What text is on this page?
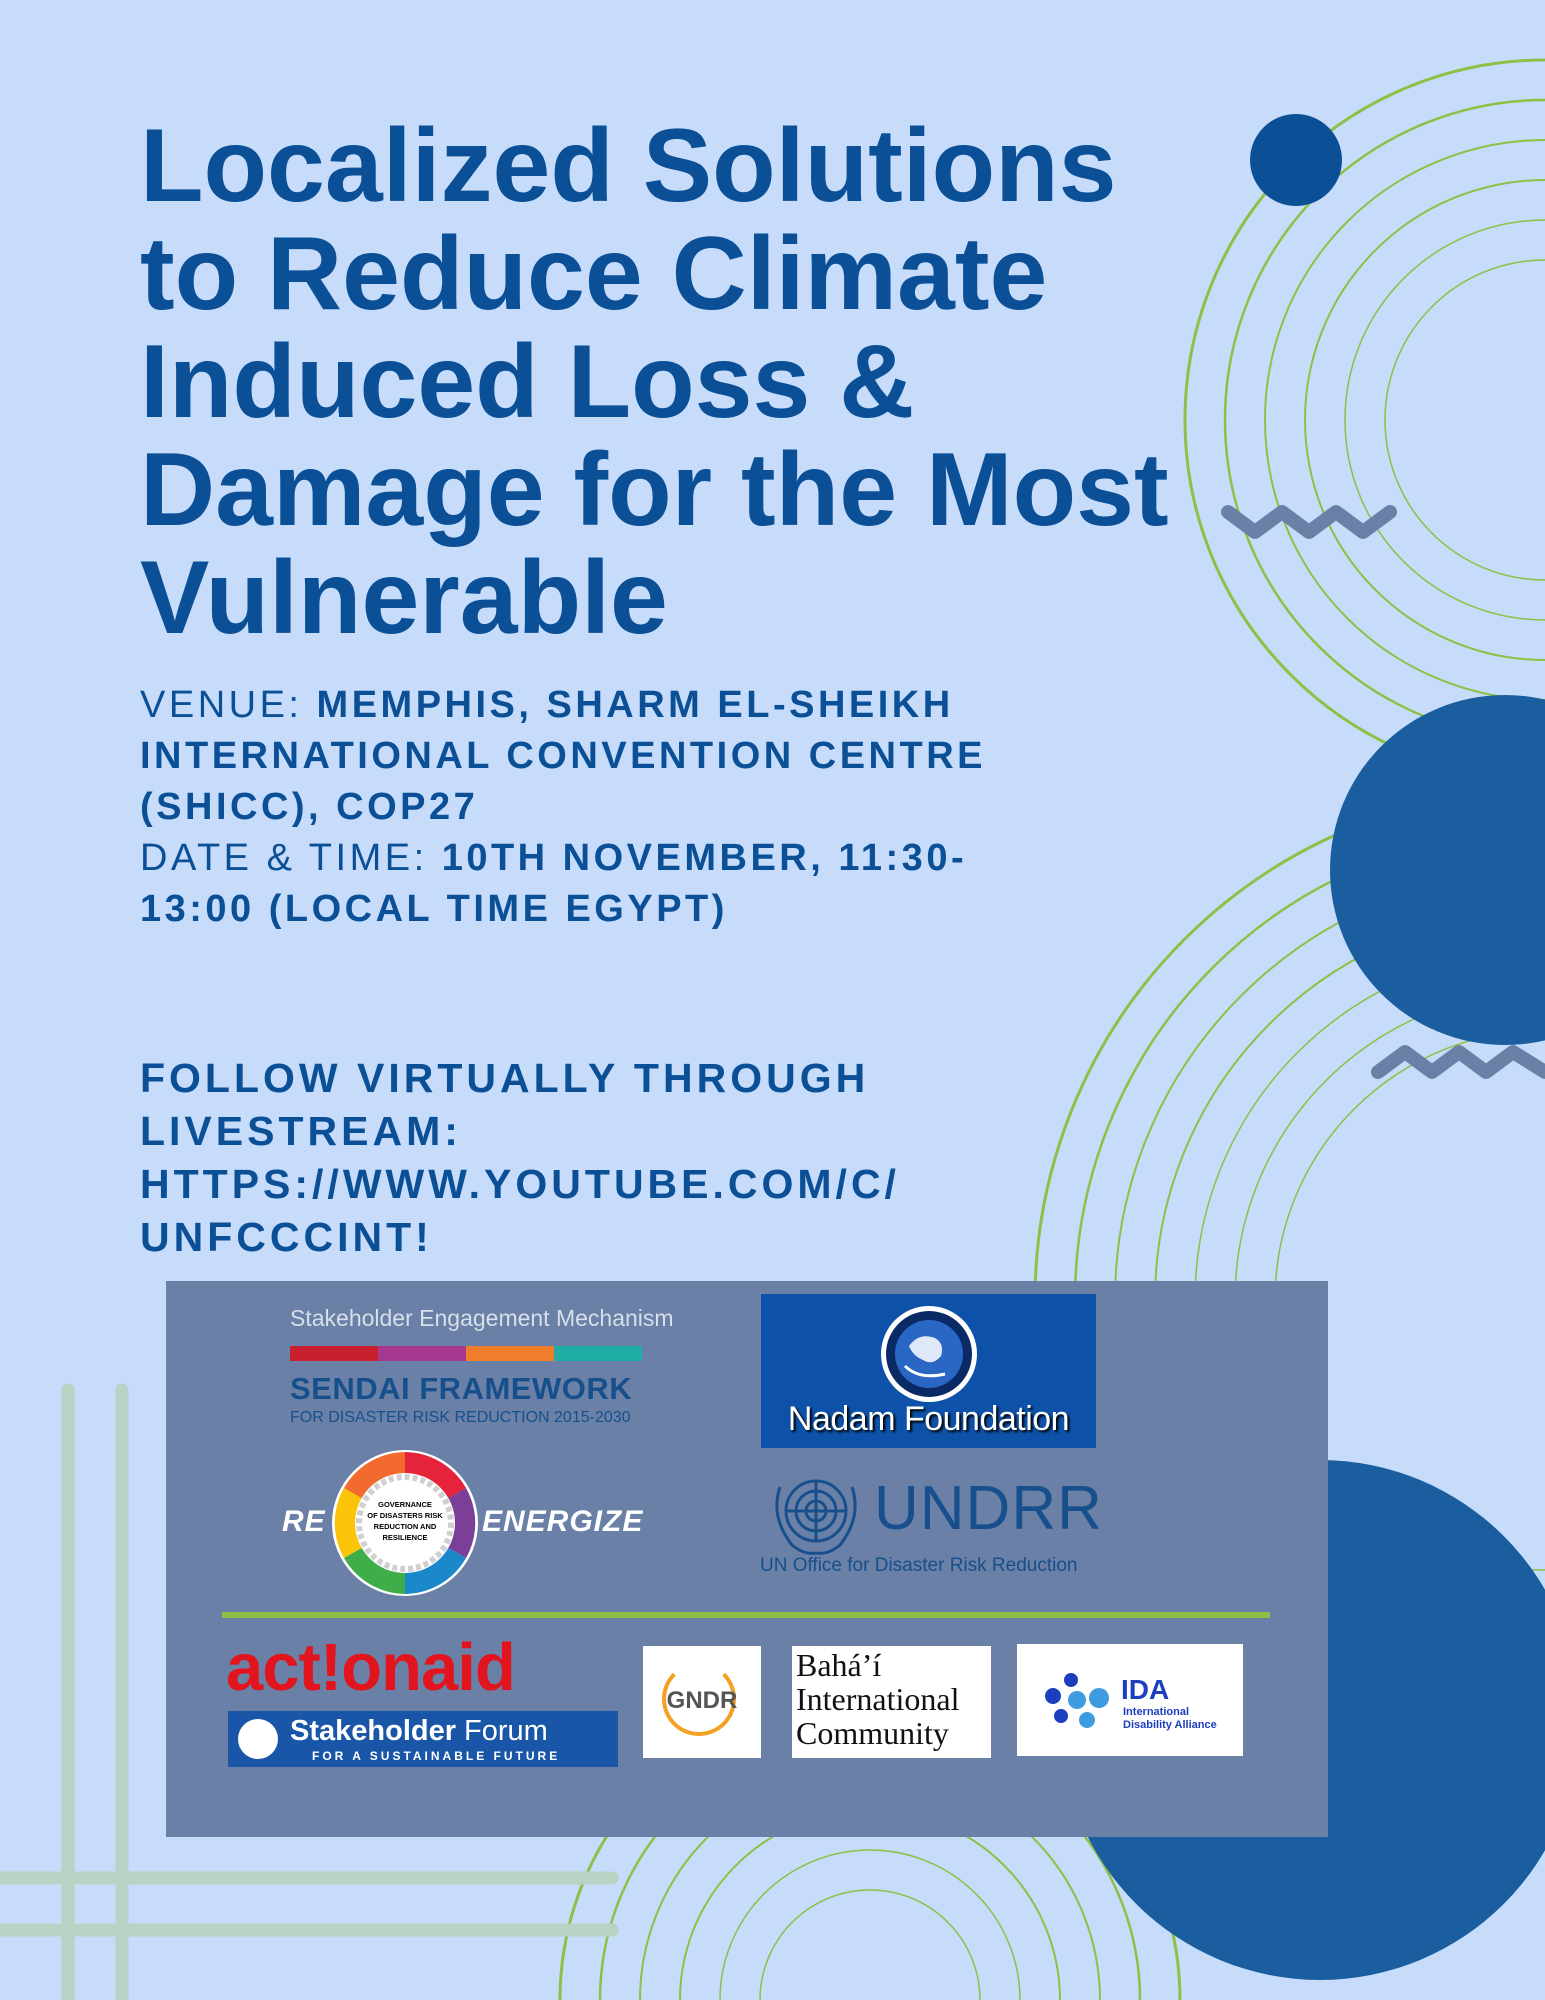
Localized Solutions to Reduce Climate Induced Loss & Damage for the Most Vulnerable

VENUE: MEMPHIS, SHARM EL-SHEIKH INTERNATIONAL CONVENTION CENTRE (SHICC), COP27

DATE & TIME: 10TH NOVEMBER, 11:30-13:00 (LOCAL TIME EGYPT)

FOLLOW VIRTUALLY THROUGH LIVESTREAM:
HTTPS://WWW.YOUTUBE.COM/C/ UNFCCCINT!
Stakeholder Engagement Mechanism
SENDAI FRAMEWORK
FOR DISASTER RISK REDUCTION 2015-2030
RE	ENERGIZE
GOVERNANCE
OF DISASTERS RISK
REDUCTION AND
RESILIENCE
Nadam Foundation
UNDRR
UN Office for Disaster Risk Reduction
act!onaid
Stakeholder Forum
FOR A SUSTAINABLE FUTURE
GNDR
Bahá’í
International
Community
IDA
International
Disability Alliance
